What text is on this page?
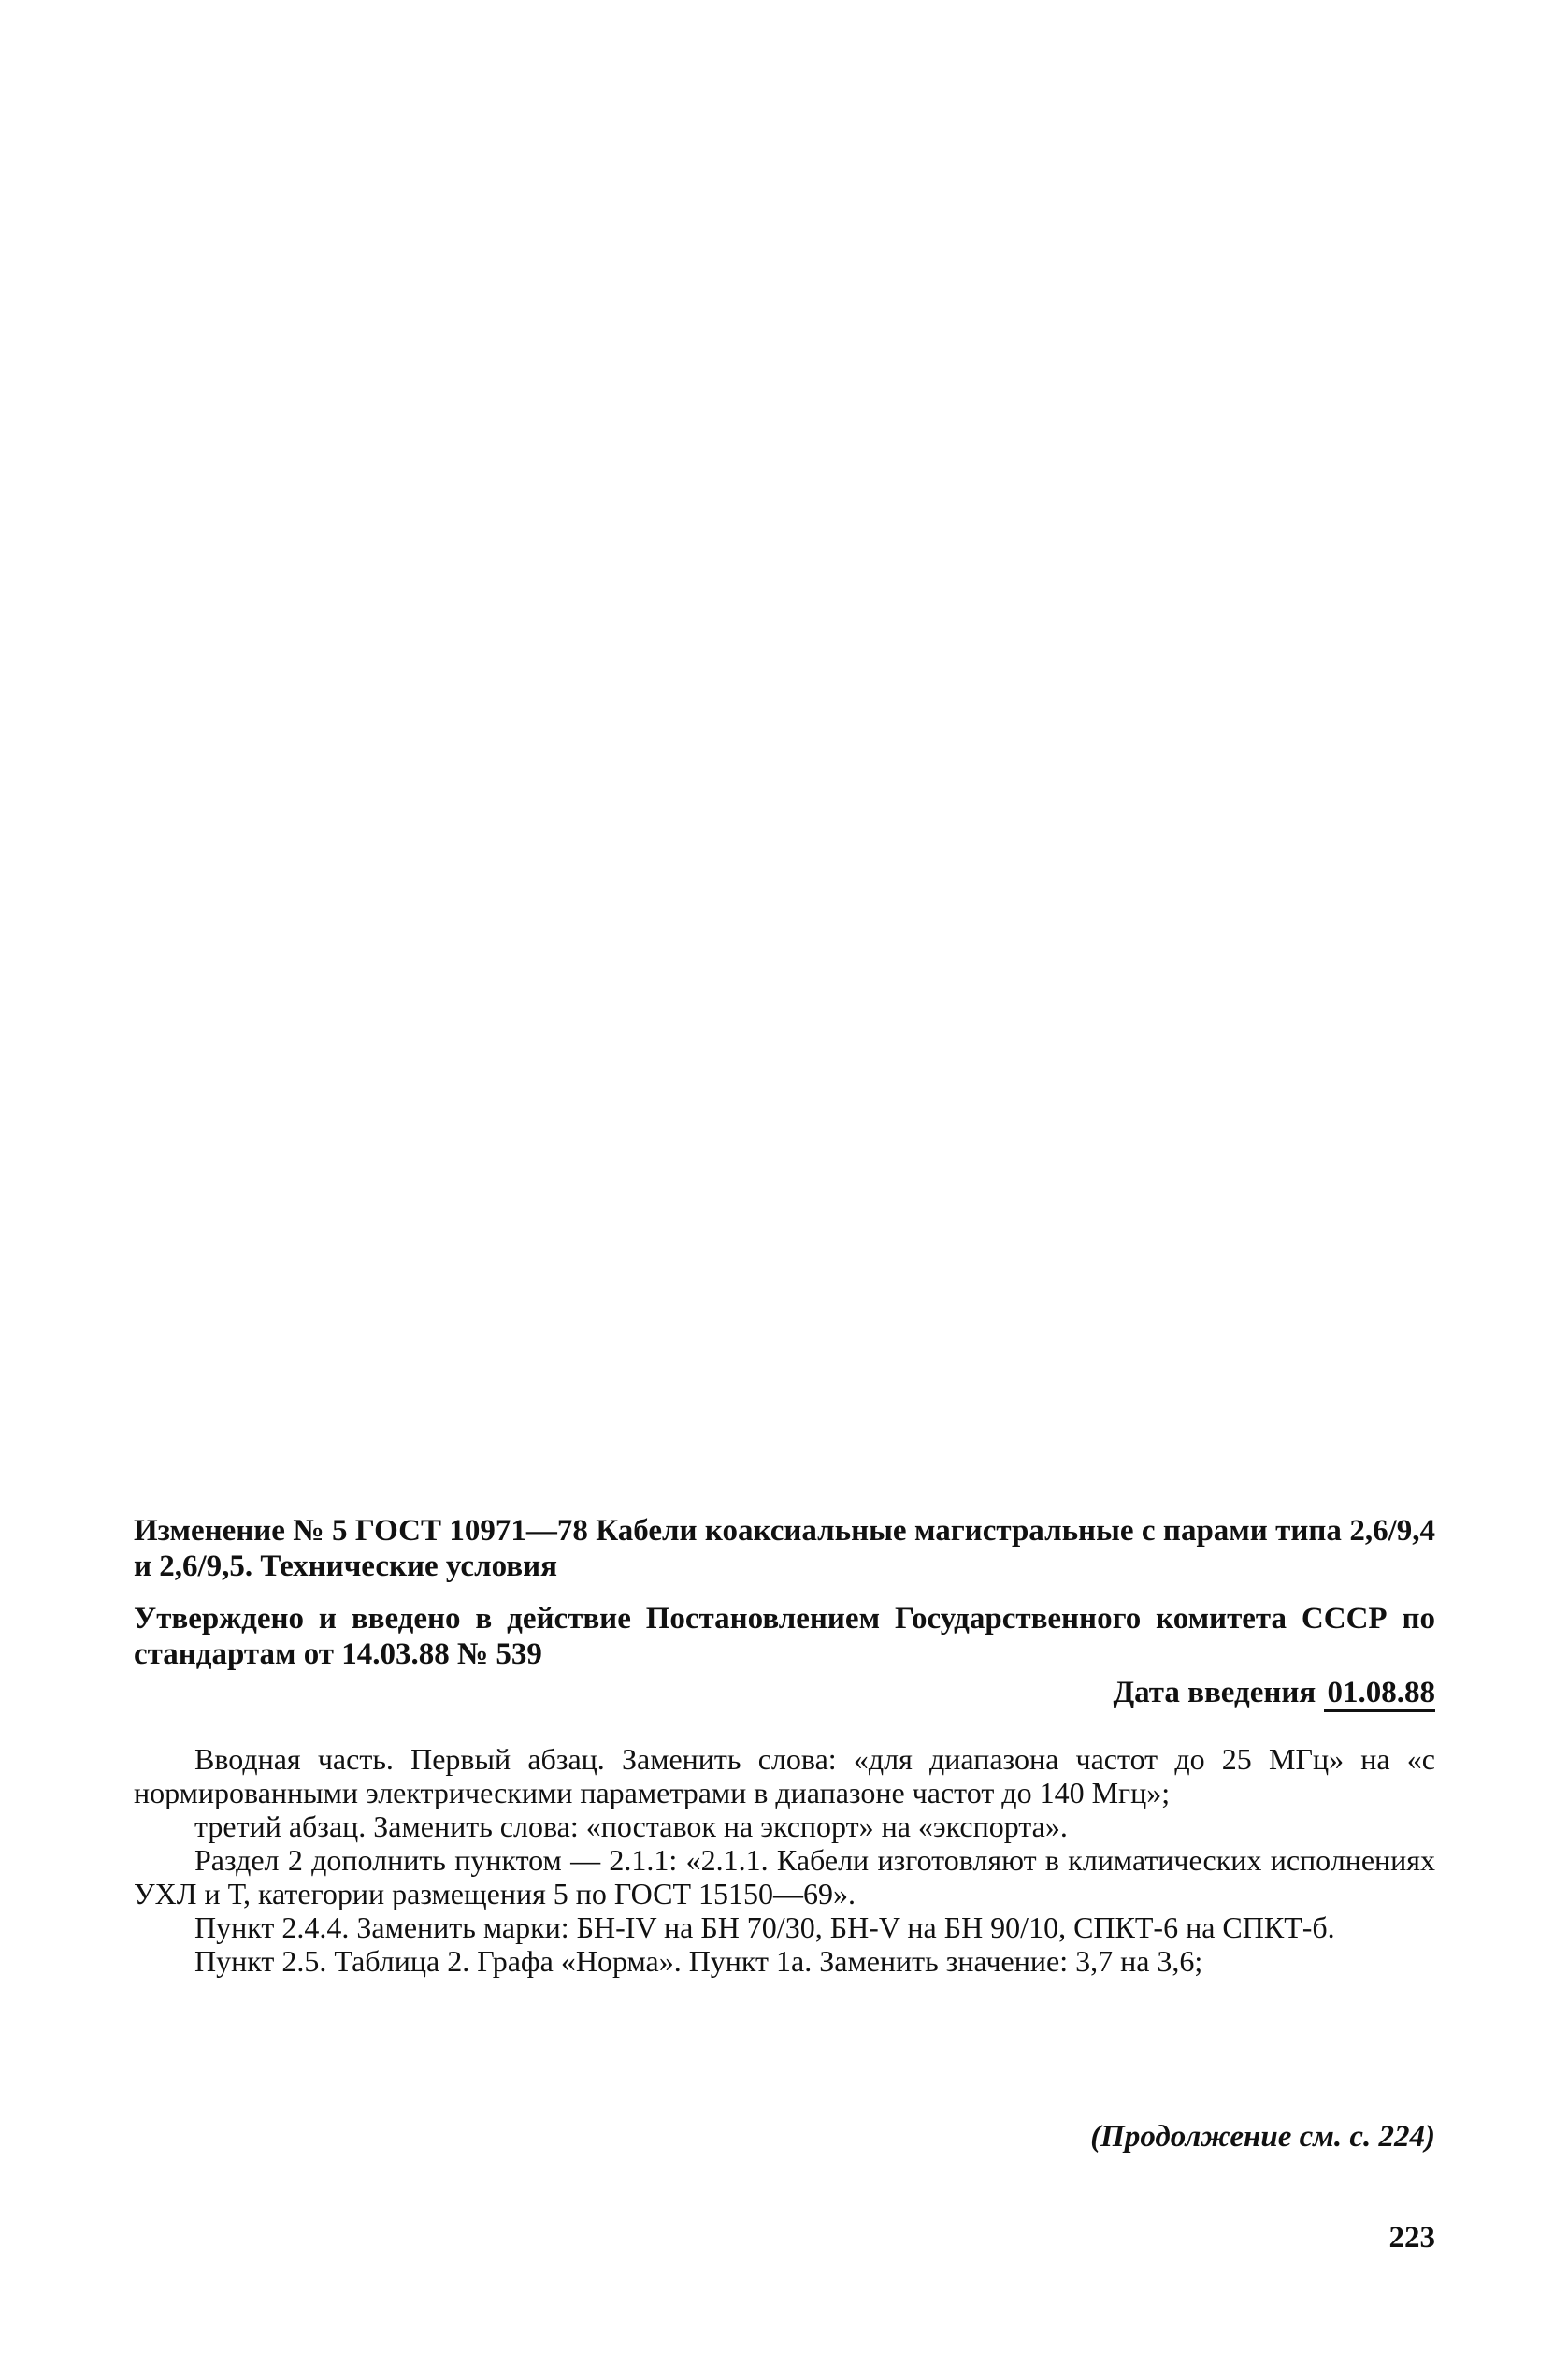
Изменение № 5 ГОСТ 10971—78 Кабели коаксиальные магистральные с парами типа 2,6/9,4 и 2,6/9,5. Технические условия
Утверждено и введено в действие Постановлением Государственного комитета СССР по стандартам от 14.03.88 № 539
Дата введения 01.08.88

Вводная часть. Первый абзац. Заменить слова: «для диапазона частот до 25 МГц» на «с нормированными электрическими параметрами в диапазоне частот до 140 Мгц»;

третий абзац. Заменить слова: «поставок на экспорт» на «экспорта».

Раздел 2 дополнить пунктом — 2.1.1: «2.1.1. Кабели изготовляют в климатических исполнениях УХЛ и Т, категории размещения 5 по ГОСТ 15150—69».

Пункт 2.4.4. Заменить марки: БН-IV на БН 70/30, БН-V на БН 90/10, СПКТ-6 на СПКТ-б.

Пункт 2.5. Таблица 2. Графа «Норма». Пункт 1а. Заменить значение: 3,7 на 3,6;

(Продолжение см. с. 224)
223
